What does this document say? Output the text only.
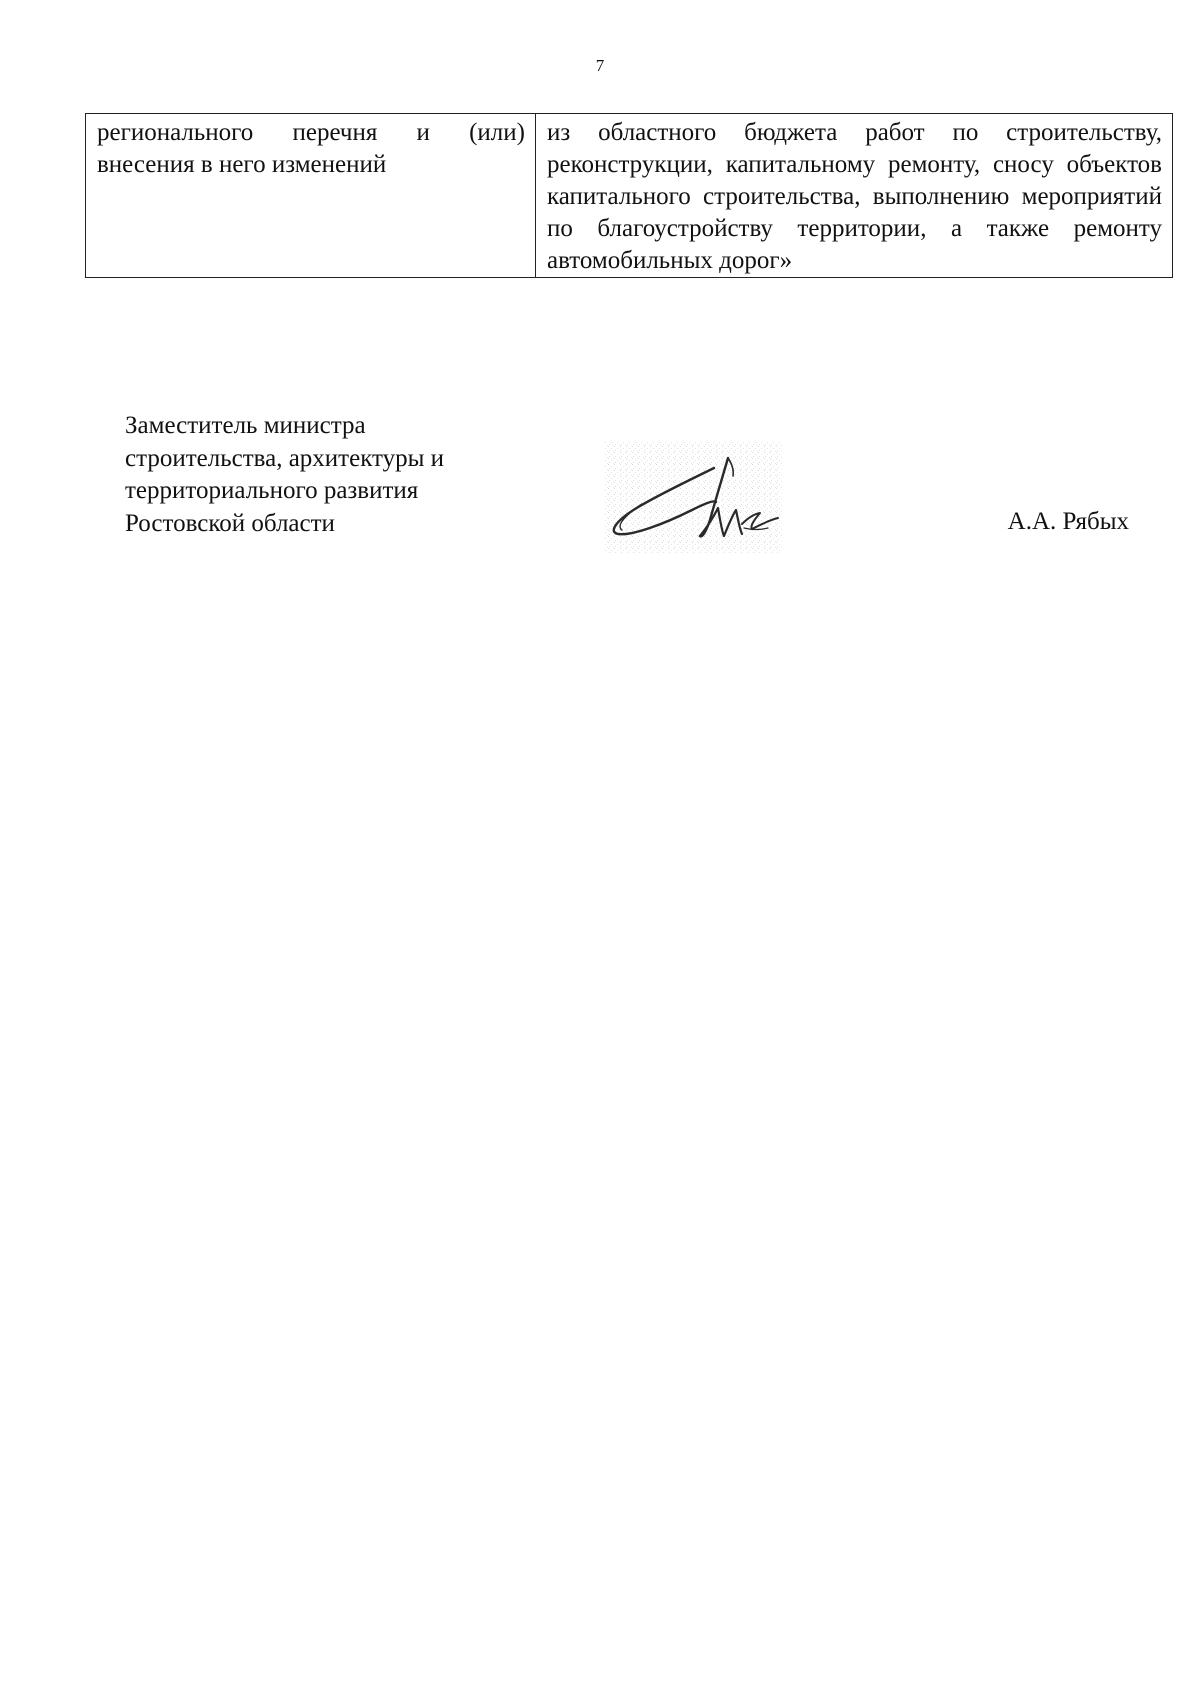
7
регионального перечня и (или) внесения в него изменений	из областного бюджета работ по строительству, реконструкции, капитальному ремонту, сносу объектов капитального строительства, выполнению мероприятий по благоустройству территории, а также ремонту автомобильных дорог»
Заместитель министра
строительства, архитектуры и
территориального развития
Ростовской области	А.А. Рябых
